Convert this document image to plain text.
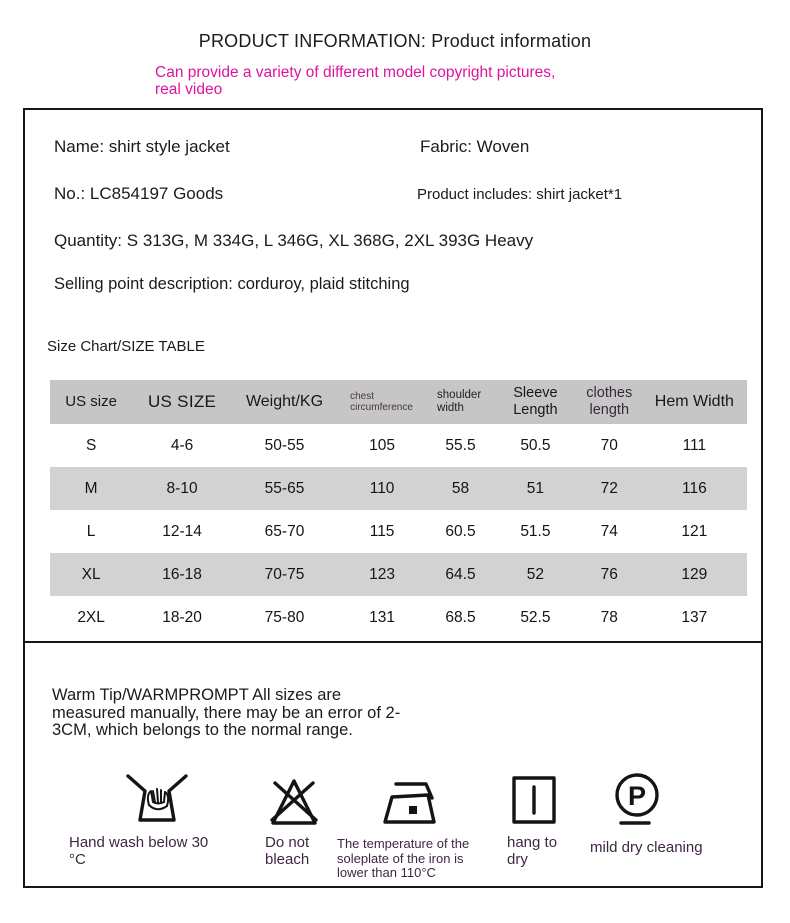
PRODUCT INFORMATION: Product information
Can provide a variety of different model copyright pictures, real video
Name: shirt style jacket	Fabric: Woven
No.: LC854197 Goods	Product includes: shirt jacket*1
Quantity: S 313G, M 334G, L 346G, XL 368G, 2XL 393G Heavy
Selling point description: corduroy, plaid stitching
Size Chart/SIZE TABLE
US size	US SIZE	Weight/KG	chest circumference	shoulder width	Sleeve Length	clothes length	Hem Width
S	4-6	50-55	105	55.5	50.5	70	111
M	8-10	55-65	110	58	51	72	116
L	12-14	65-70	115	60.5	51.5	74	121
XL	16-18	70-75	123	64.5	52	76	129
2XL	18-20	75-80	131	68.5	52.5	78	137
Warm Tip/WARMPROMPT All sizes are measured manually, there may be an error of 2-3CM, which belongs to the normal range.
Hand wash below 30 °C
Do not bleach
The temperature of the soleplate of the iron is lower than 110°C
hang to dry
P
mild dry cleaning
